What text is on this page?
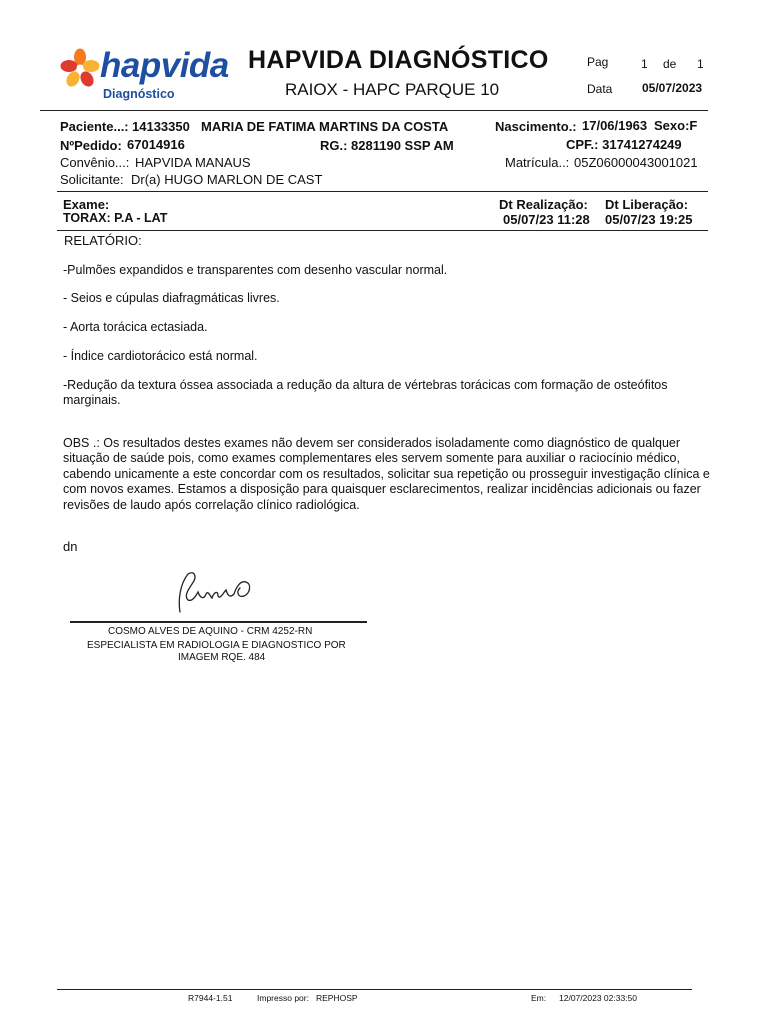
hapvida
Diagnóstico
HAPVIDA DIAGNÓSTICO
RAIOX - HAPC PARQUE 10
Pag	1 de 1
Data 05/07/2023
Paciente...: 14133350 MARIA DE FATIMA MARTINS DA COSTA	Nascimento.: 17/06/1963 Sexo:F
NºPedido: 67014916	RG.: 8281190 SSP AM	CPF.: 31741274249
Convênio...: HAPVIDA MANAUS	Matrícula..: 05Z06000043001021
Solicitante: Dr(a) HUGO MARLON DE CAST
Exame:
TORAX: P.A - LAT
Dt Realização:
05/07/23 11:28
Dt Liberação:
05/07/23 19:25
RELATÓRIO:
-Pulmões expandidos e transparentes com desenho vascular normal.
- Seios e cúpulas diafragmáticas livres.
- Aorta torácica ectasiada.
- Índice cardiotorácico está normal.
-Redução da textura óssea associada a redução da altura de vértebras torácicas com formação de osteófitos marginais.
OBS .: Os resultados destes exames não devem ser considerados isoladamente como diagnóstico de qualquer situação de saúde pois, como exames complementares eles servem somente para auxiliar o raciocínio médico, cabendo unicamente a este concordar com os resultados, solicitar sua repetição ou prosseguir investigação clínica e com novos exames. Estamos a disposição para quaisquer esclarecimentos, realizar incidências adicionais ou fazer revisões de laudo após correlação clínico radiológica.
dn
COSMO ALVES DE AQUINO - CRM 4252-RN
ESPECIALISTA EM RADIOLOGIA E DIAGNOSTICO POR
IMAGEM RQE. 484
R7944-1.51	Impresso por: REPHOSP	Em: 12/07/2023 02:33:50
